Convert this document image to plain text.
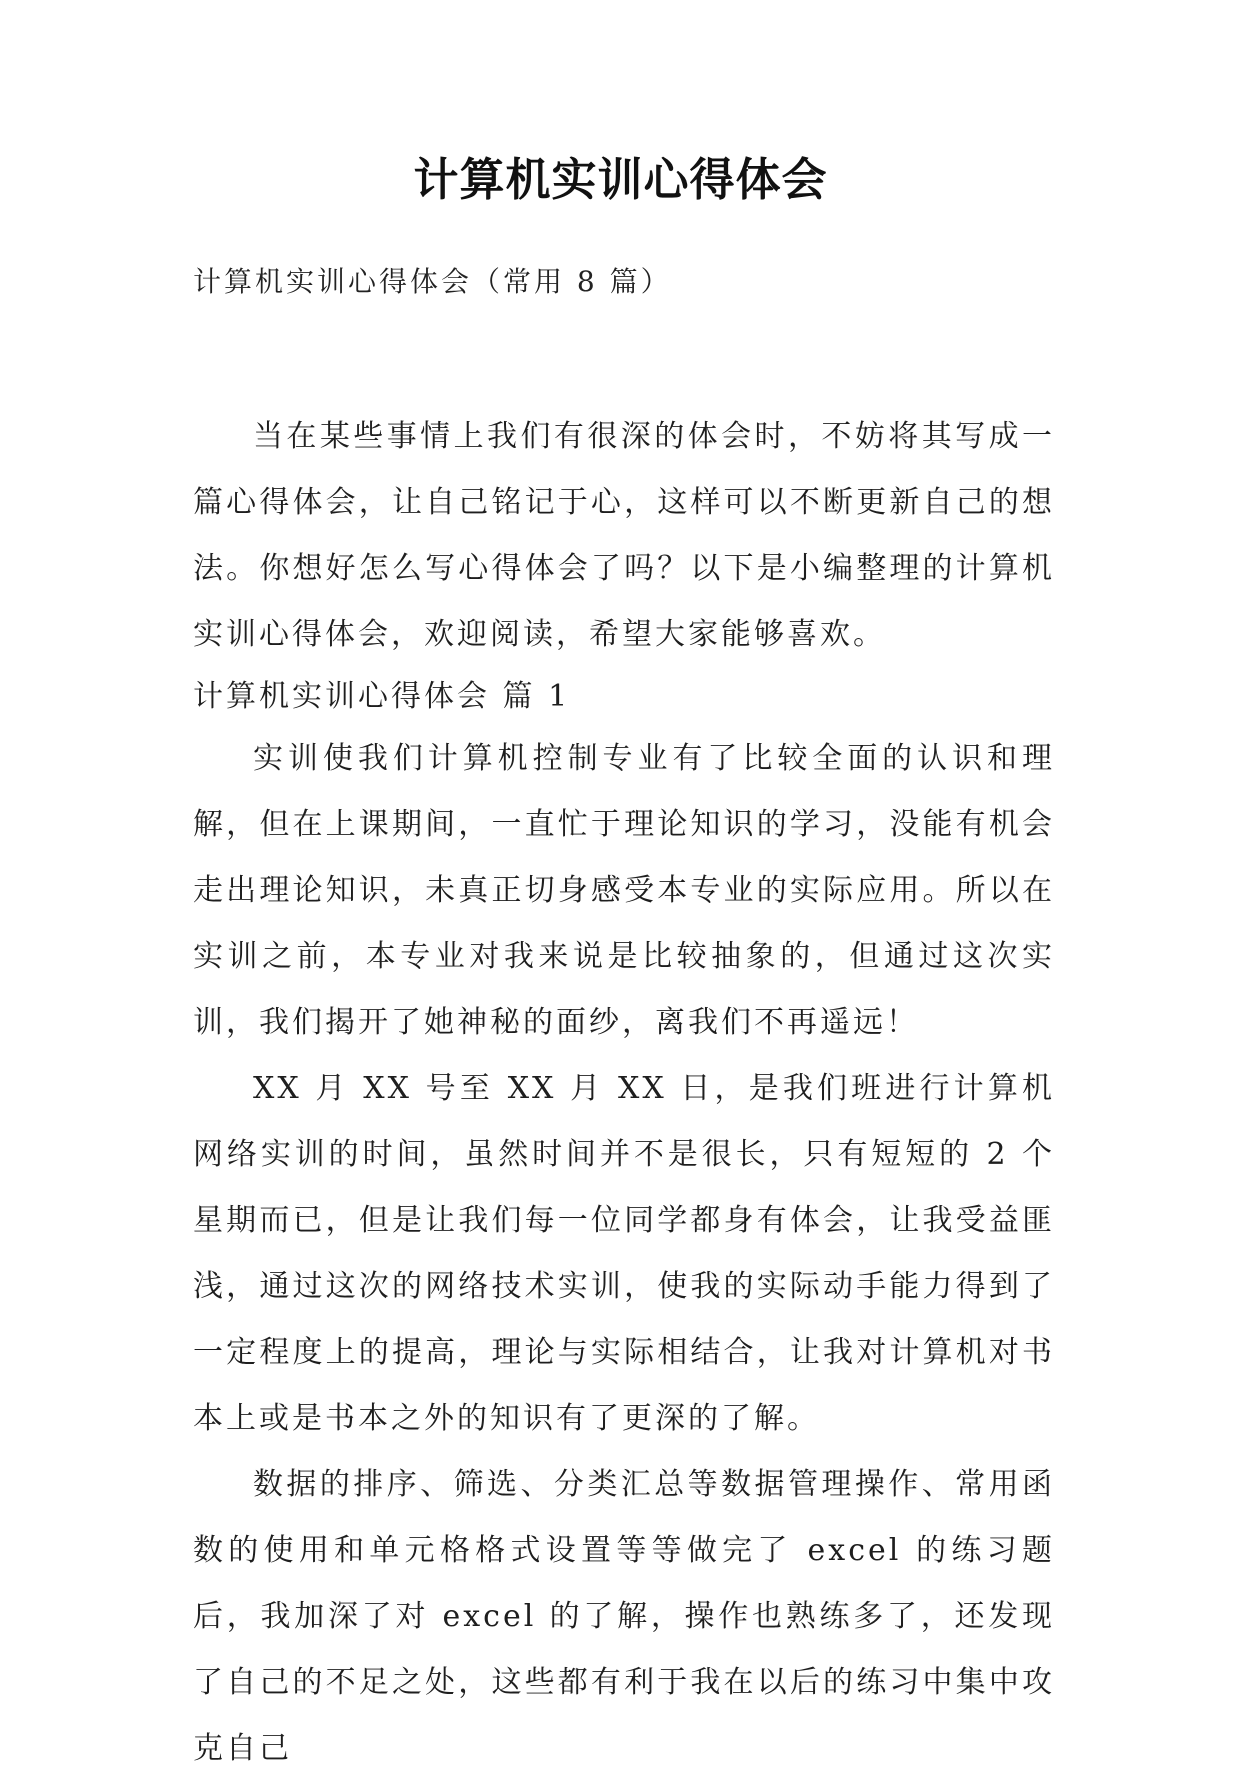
计算机实训心得体会
计算机实训心得体会（常用 8 篇）

当在某些事情上我们有很深的体会时，不妨将其写成一篇心得体会，让自己铭记于心，这样可以不断更新自己的想法。你想好怎么写心得体会了吗？以下是小编整理的计算机实训心得体会，欢迎阅读，希望大家能够喜欢。

计算机实训心得体会 篇 1

实训使我们计算机控制专业有了比较全面的认识和理解，但在上课期间，一直忙于理论知识的学习，没能有机会走出理论知识，未真正切身感受本专业的实际应用。所以在实训之前，本专业对我来说是比较抽象的，但通过这次实训，我们揭开了她神秘的面纱，离我们不再遥远！

XX 月 XX 号至 XX 月 XX 日，是我们班进行计算机网络实训的时间，虽然时间并不是很长，只有短短的 2 个星期而已，但是让我们每一位同学都身有体会，让我受益匪浅，通过这次的网络技术实训，使我的实际动手能力得到了一定程度上的提高，理论与实际相结合，让我对计算机对书本上或是书本之外的知识有了更深的了解。

数据的排序、筛选、分类汇总等数据管理操作、常用函数的使用和单元格格式设置等等做完了 excel 的练习题后，我加深了对 excel 的了解，操作也熟练多了，还发现了自己的不足之处，这些都有利于我在以后的练习中集中攻克自己
